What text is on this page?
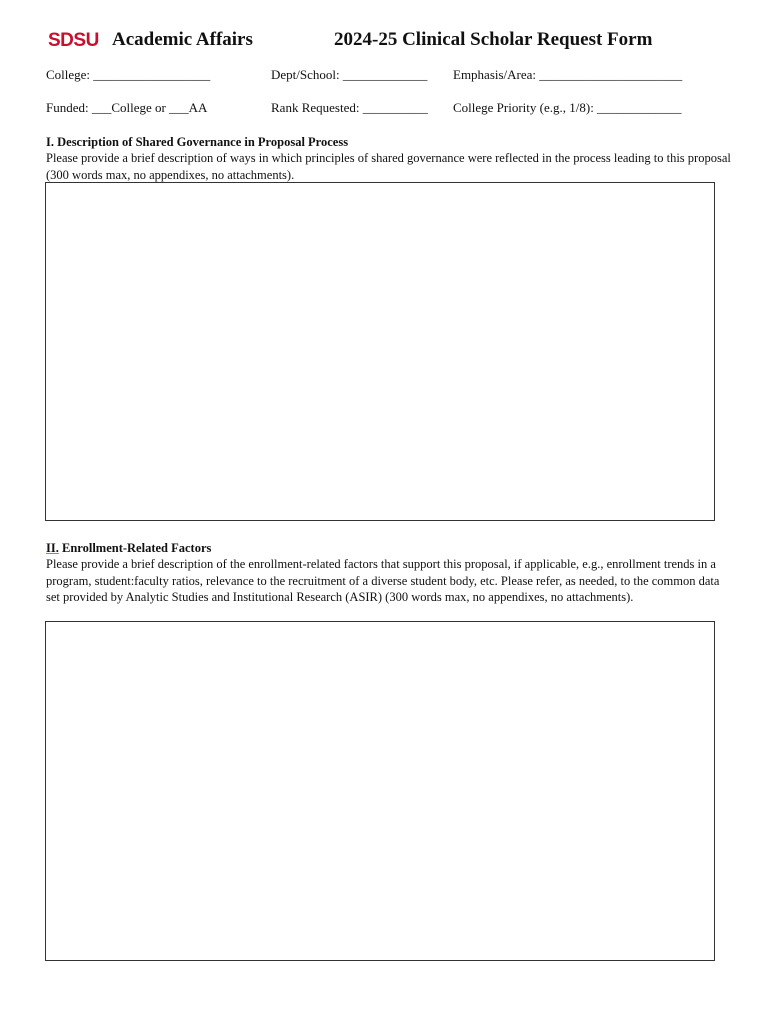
SDSU Academic Affairs	2024-25 Clinical Scholar Request Form
College: __________________	Dept/School: _____________ Emphasis/Area: ______________________
Funded: ___College or ___AA	Rank Requested: __________ College Priority (e.g., 1/8): _____________
I. Description of Shared Governance in Proposal Process
Please provide a brief description of ways in which principles of shared governance were reflected in the process leading to this proposal (300 words max, no appendixes, no attachments).
II. Enrollment-Related Factors
Please provide a brief description of the enrollment-related factors that support this proposal, if applicable, e.g., enrollment trends in a program, student:faculty ratios, relevance to the recruitment of a diverse student body, etc. Please refer, as needed, to the common data set provided by Analytic Studies and Institutional Research (ASIR) (300 words max, no appendixes, no attachments).
